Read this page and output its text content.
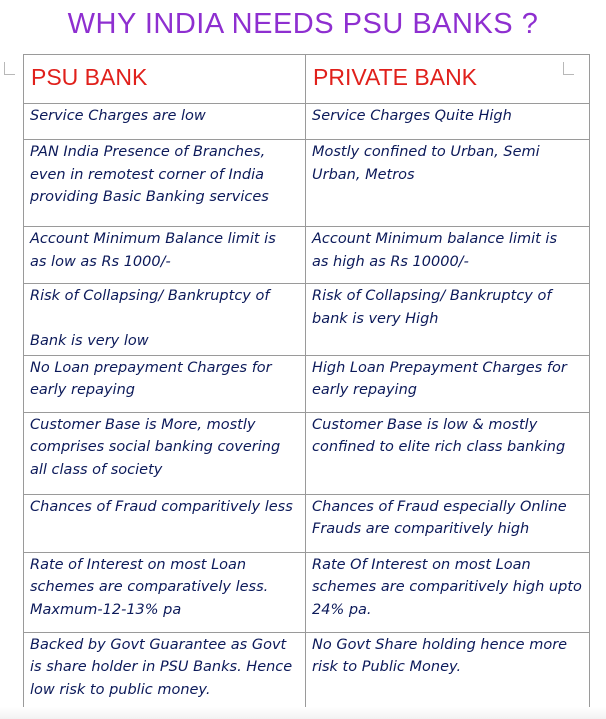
WHY INDIA NEEDS PSU BANKS ?
PSU BANK	PRIVATE BANK

Service Charges are low	Service Charges Quite High

PAN India Presence of Branches,
even in remotest corner of India
providing Basic Banking services	Mostly confined to Urban, Semi
Urban, Metros

Account Minimum Balance limit is
as low as Rs 1000/-	Account Minimum balance limit is
as high as Rs 10000/-

Risk of Collapsing/ Bankruptcy of

Bank is very low	Risk of Collapsing/ Bankruptcy of
bank is very High

No Loan prepayment Charges for
early repaying	High Loan Prepayment Charges for
early repaying

Customer Base is More, mostly
comprises social banking covering
all class of society	Customer Base is low & mostly
confined to elite rich class banking

Chances of Fraud comparitively less	Chances of Fraud especially Online
Frauds are comparitively high

Rate of Interest on most Loan
schemes are comparatively less.
Maxmum-12-13% pa	Rate Of Interest on most Loan
schemes are comparitively high upto
24% pa.

Backed by Govt Guarantee as Govt
is share holder in PSU Banks. Hence
low risk to public money.	No Govt Share holding hence more
risk to Public Money.
